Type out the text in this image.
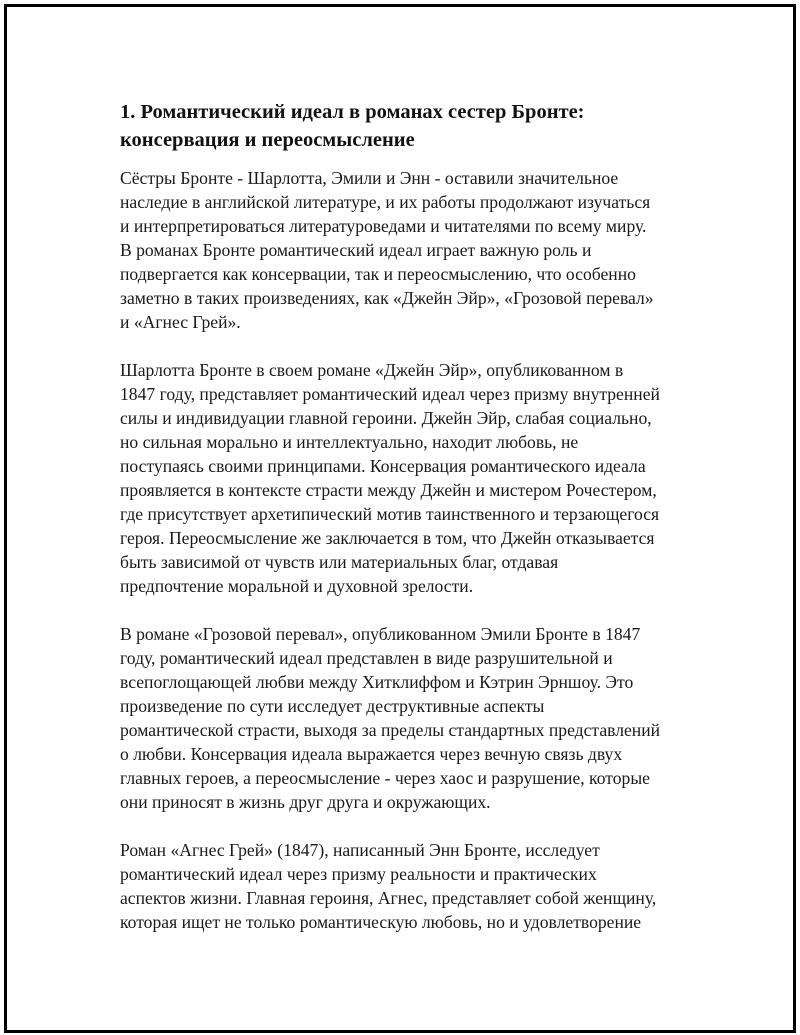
1. Романтический идеал в романах сестер Бронте:
консервация и переосмысление

Сёстры Бронте - Шарлотта, Эмили и Энн - оставили значительное
наследие в английской литературе, и их работы продолжают изучаться
и интерпретироваться литературоведами и читателями по всему миру.
В романах Бронте романтический идеал играет важную роль и
подвергается как консервации, так и переосмыслению, что особенно
заметно в таких произведениях, как «Джейн Эйр», «Грозовой перевал»
и «Агнес Грей».

Шарлотта Бронте в своем романе «Джейн Эйр», опубликованном в
1847 году, представляет романтический идеал через призму внутренней
силы и индивидуации главной героини. Джейн Эйр, слабая социально,
но сильная морально и интеллектуально, находит любовь, не
поступаясь своими принципами. Консервация романтического идеала
проявляется в контексте страсти между Джейн и мистером Рочестером,
где присутствует архетипический мотив таинственного и терзающегося
героя. Переосмысление же заключается в том, что Джейн отказывается
быть зависимой от чувств или материальных благ, отдавая
предпочтение моральной и духовной зрелости.

В романе «Грозовой перевал», опубликованном Эмили Бронте в 1847
году, романтический идеал представлен в виде разрушительной и
всепоглощающей любви между Хитклиффом и Кэтрин Эрншоу. Это
произведение по сути исследует деструктивные аспекты
романтической страсти, выходя за пределы стандартных представлений
о любви. Консервация идеала выражается через вечную связь двух
главных героев, а переосмысление - через хаос и разрушение, которые
они приносят в жизнь друг друга и окружающих.

Роман «Агнес Грей» (1847), написанный Энн Бронте, исследует
романтический идеал через призму реальности и практических
аспектов жизни. Главная героиня, Агнес, представляет собой женщину,
которая ищет не только романтическую любовь, но и удовлетворение
